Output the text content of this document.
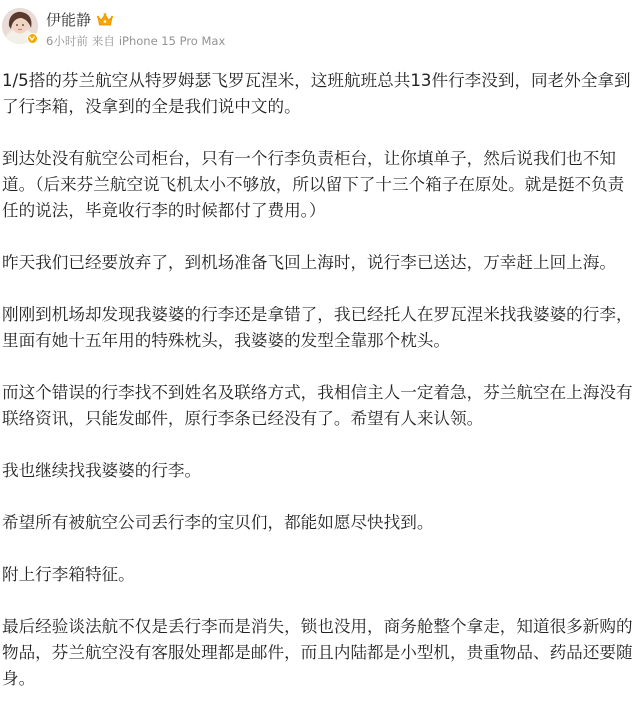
伊能静
6小时前 来自 iPhone 15 Pro Max

1/5搭的芬兰航空从特罗姆瑟飞罗瓦涅米，这班航班总共13件行李没到，同老外全拿到了行李箱，没拿到的全是我们说中文的。

到达处没有航空公司柜台，只有一个行李负责柜台，让你填单子，然后说我们也不知道。（后来芬兰航空说飞机太小不够放，所以留下了十三个箱子在原处。就是挺不负责任的说法，毕竟收行李的时候都付了费用。）

昨天我们已经要放弃了，到机场准备飞回上海时，说行李已送达，万幸赶上回上海。

刚刚到机场却发现我婆婆的行李还是拿错了，我已经托人在罗瓦涅米找我婆婆的行李，里面有她十五年用的特殊枕头，我婆婆的发型全靠那个枕头。

而这个错误的行李找不到姓名及联络方式，我相信主人一定着急，芬兰航空在上海没有联络资讯，只能发邮件，原行李条已经没有了。希望有人来认领。

我也继续找我婆婆的行李。

希望所有被航空公司丢行李的宝贝们，都能如愿尽快找到。

附上行李箱特征。

最后经验谈法航不仅是丢行李而是消失，锁也没用，商务舱整个拿走，知道很多新购的物品，芬兰航空没有客服处理都是邮件，而且内陆都是小型机，贵重物品、药品还要随身。
